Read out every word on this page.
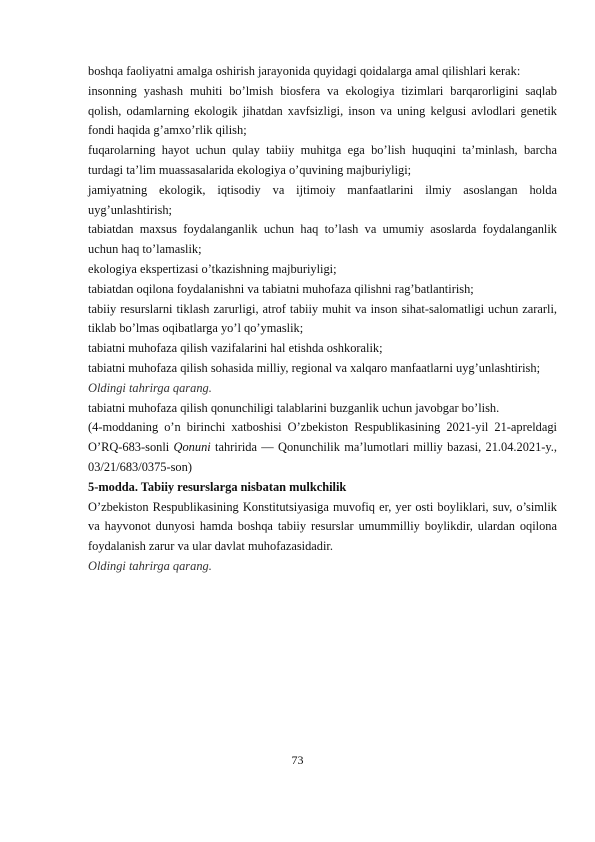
boshqa faoliyatni amalga oshirish jarayonida quyidagi qoidalarga amal qilishlari kerak:

insonning yashash muhiti bo’lmish biosfera va ekologiya tizimlari barqarorligini saqlab qolish, odamlarning ekologik jihatdan xavfsizligi, inson va uning kelgusi avlodlari genetik fondi haqida g’amxo’rlik qilish;

fuqarolarning hayot uchun qulay tabiiy muhitga ega bo’lish huquqini ta’minlash, barcha turdagi ta’lim muassasalarida ekologiya o’quvining majburiyligi;

jamiyatning ekologik, iqtisodiy va ijtimoiy manfaatlarini ilmiy asoslangan holda uyg’unlashtirish;

tabiatdan maxsus foydalanganlik uchun haq to’lash va umumiy asoslarda foydalanganlik uchun haq to’lamaslik;

ekologiya ekspertizasi o’tkazishning majburiyligi;

tabiatdan oqilona foydalanishni va tabiatni muhofaza qilishni rag’batlantirish;

tabiiy resurslarni tiklash zarurligi, atrof tabiiy muhit va inson sihat-salomatligi uchun zararli, tiklab bo’lmas oqibatlarga yo’l qo’ymaslik;

tabiatni muhofaza qilish vazifalarini hal etishda oshkoralik;

tabiatni muhofaza qilish sohasida milliy, regional va xalqaro manfaatlarni uyg’unlashtirish;

Oldingi tahrirga qarang.

tabiatni muhofaza qilish qonunchiligi talablarini buzganlik uchun javobgar bo’lish.

(4-moddaning o’n birinchi xatboshisi O’zbekiston Respublikasining 2021-yil 21-apreldagi O’RQ-683-sonli Qonuni tahririda — Qonunchilik ma’lumotlari milliy bazasi, 21.04.2021-y., 03/21/683/0375-son)

5-modda. Tabiiy resurslarga nisbatan mulkchilik

O’zbekiston Respublikasining Konstitutsiyasiga muvofiq er, yer osti boyliklari, suv, o’simlik va hayvonot dunyosi hamda boshqa tabiiy resurslar umummilliy boylikdir, ulardan oqilona foydalanish zarur va ular davlat muhofazasidadir.

Oldingi tahrirga qarang.

73
